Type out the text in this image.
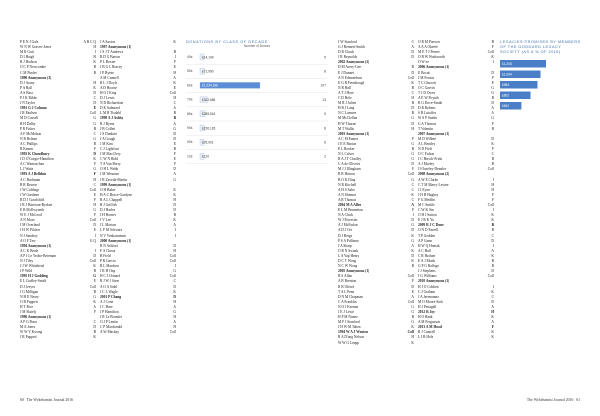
P E N J Gale	A B C Q
W N W Graves-Jones	H
M R Gutt	I
D I Haigh	H
R J Hodson	K
O C P Newcombe	B
C M Pinder	B
1990 Anonymous (3)
D J Arany	H
P A Ball	K
A S Bass	D
P J K Bibbs	C
J N Taylor	D
1991 G J Colman	E
J R Paulsen	Coll
M D Cussell	G
R H Dalby	G
P R Fisher	B
A F McMahon	C
N R Belmer	G
A C Phillips	B
R Kemm	F
1992 K Choudhury	D
J D O'Gorgie-Hamilton	K
A C Warnaschan	F
L J Watts	G
1993 A J Bellshm	F
A C Bachman	H
B R Bowen	C
J W Coldings	Coll
J W Gardiner	E
R D J Goodchild	F
J R J Harrison-Byrken	H
E B McIlwyneth	G
W E J McLeod	F
A N Mose	Coll
J M Overland	D
J H W Pilcher	E
N J Sandery	I
A O F Tew	G Q
1994 Anonymous (1)
A C K Beale	I
A P J Le Yeohe-Beteman	D
N J Tiley	Coll
J J W Whitehead	K
J P Wild	B
1995 H J Godding	G
E L Godley-Smith	E
D J Jeeyes	Coll
J G Milligan	B
N H E Neary	G
O R Puppett	K
H T Rice	A
J M Slately	F
1996 Anonymous (1)
A P G Basu	C
M A Jones	D
W W Y Kwong	B
J R Puppett	K
J A Saxton	K
1997 Anonymous (1)
J S J T Andrews	B
B D G Barton	I
P L Boxter	F
J B G L Bracey	E
J P Byrne	H
A M Cunnell	A
R L J Doyle	K
A D Hoarse	E
H O J King	Coll
D J Lewis	H
N D Richardson	C
D K Salmond	A
L M R Tisdahl	B
1998 A J Ashby	B
R J Byrne	A
J B Collett	G
J S Dunkins	D
J A Gough	D
J M Kim	E
C J Lightfoot	B
J M MacClery	F
C W N Ridd	E
T A Van Berry	F
O H L Webb	D
J M Wesnum	A
J R Zaveda-Martin	G
1999 Anonymous (1)
O H Baker	K
H A C Bruce-Gardyne	K
R A L Chappell	H
R J Griffith	D
D J Harlee	D
J H Horner	B
J V Lee	K
J L Morton	A
L F M Schwarz	I
N V Venkatraman	I
2000 Anonymous (1)
R N Ashford	D
F A Clusta	H
R Field	Coll
P R Garcia	Coll
R L Mardsen	I
J R H Ong	G
H C J Orinard	Coll
R J W J Steer	C
A O A Sidel	D
J C L Wagle	K
2001 P Chang	D
A J Conn	H
J C Hare	A
J P Hamilton	G
J R Le Bronder	H
O J P Lentin	A
C P Macdonald	H
A W Mackay	Coll
DONATIONS BY CLASS OF DECADE
Number of Donors
40s	£14,149	5
50s	£71,990	8
60s	£1,234,196	107
70s	£322,656	13
80s	£285,616	9
90s	£150,126	8
00s	£29,901	6
10s	£120	2
J W Stanford	C
G J Bennett-Smith	A
D R Chuck	D
J R Reynolds	D
2002 Anonymous (2)
D M Avery-Gee	B
E J Dunnet	D
A N Edmondson	Coll
E G R Fernihough	K
N R Hall	B
A T J Hore	C
C D Hole	H
M R J Julien	B
H R J Lang	D
N C Lumsen	B
M McClellan	G
H W Thorne	D
M T Wallis	H
2003 Anonymous (1)
A C M Eames	F
J E E Barton	G
E L Booker	B
N L Calver	G
R A J T Chaffey	G
C A de Oliveira	D
M J J Illingham	F
B R Hutson	Coll
B O K Ding	G
N R Kitchell	C
A H S Sabo	C
A N Shimon	K
A R Thomas	C
2004 M A Allen	A
E L M Bennetton	F
N A Chick	I
W J Forrester	D
A J McFarlan	G
A D J Orr	D
D J Berge	K
P S A Pollinno	G
J A Sharp	A
O R N Swank	K
L A Yap Henry	D
D C T Wong	K
N C W Wong	B
2005 Anonymous (1)
R S Allan	Coll
A B Rrenton	F
R B Offord	D
T A L Penn	E
D N M Chapman	A
C A Franklin	Coll
N O J Keenan	G
J E J Lewis	G
H P M Nunez	B
M F J Stanford	G
J H W M Tabea	K
1994 W A J Wooten	Coll
R A D'ung Nelson	H
W W G Leupp	K
O R M Pierson	B
A A A Okeefe	F
M E T J Pernet	Coll
O B W Wadsworth	K
O W ee	I
2006 Anonymous (1)
E Bocati	D
J M Fenton	F
T C Glascott	E
O C Garvin	G
T J D Owen	G
A E W Poynth	B
R G Dove-Smith	D
D R Robens	A
S R Lutoffer	A
W S P Snider	G
G A Thomas	F
T Valentin	B
2007 Anonymous (1)
M D Wilbert	D
A L Bentley	K
N D Field	F
O C Fulton	C
J C Hirsch-Frida	B
A J Morley	B
O Ouseley-Dennler	Coll
2008 Anonymous (2)
A W E Clarke	I
C T M Marry-Levine	H
J I Eyon	H
J H B Hughey	F
F G Medlin	F
M C Snittle	Coll
C W K Sin	I
O H J Sutton	K
E J R K Yu	K
2009 R J C Done	B
O N D Farrell	B
T P Gedden	C
A P Gunn	D
H W Q Homak	I
A C Hall	A
C R Hodum	K
E A J Monk	B
G P G Raffsge	B
J J Stephens	D
J G Williams	Coll
2010 Anonymous (1)
H J O Cobbett	I
C J Graham	K
J A Jeremanna	C
M O Moore-Stok	D
H J Pettagall	A
2012 R Joy	H
H O Bank	K
A M Fergusson	A
2013 A M Hood	F
R J Cantrell	K
L I B Hole	K
LEGACIES PROMISED BY MEMBERS OF THE GODDARD LEGACY SOCIETY (AS A % OF 2016)
£1,208
£1,064
£984
£802
£562
60 The Wykehamist Journal 2016	The Wykehamist Journal 2016 61
